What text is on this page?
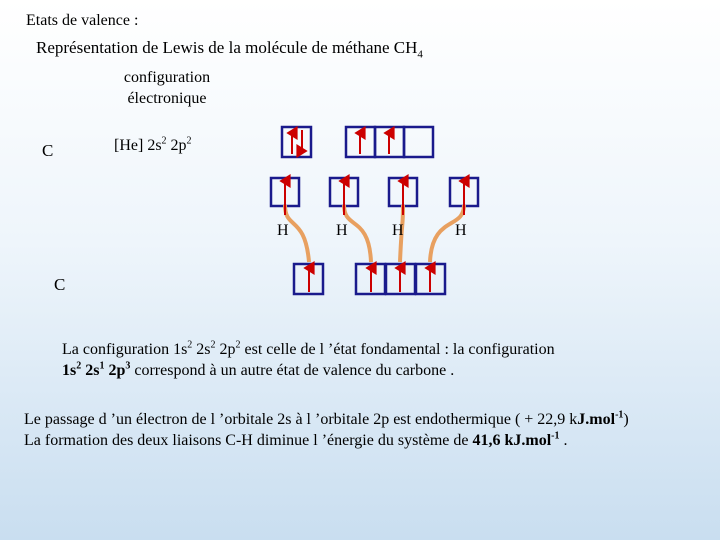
Etats de valence :
Représentation de Lewis de la molécule de méthane $CH_4$
configuration
électronique
C	[He] $2s^2$ $2p^2$
H	H	H	H
C
La configuration $1s^2$ $2s^2$ $2p^2$ est celle de l ’état fondamental : la configuration
$1s^2$ $2s^1$ $2p^3$ correspond à un autre état de valence du carbone .
Le passage d ’un électron de l ’orbitale 2s à l ’orbitale 2p est endothermique ( + 22,9 kJ.mol$^{-1}$)
La formation des deux liaisons C-H diminue l ’énergie du système de 41,6 kJ.mol$^{-1}$ .
